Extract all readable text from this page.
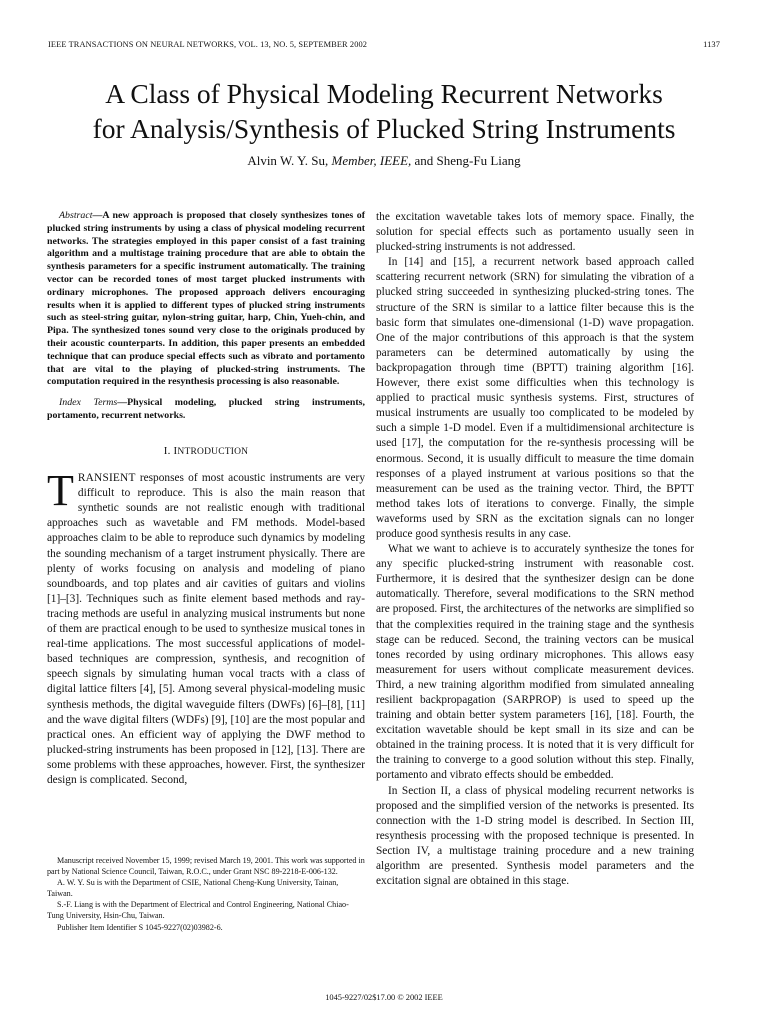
IEEE TRANSACTIONS ON NEURAL NETWORKS, VOL. 13, NO. 5, SEPTEMBER 2002	1137
A Class of Physical Modeling Recurrent Networks
for Analysis/Synthesis of Plucked String Instruments
Alvin W. Y. Su, Member, IEEE, and Sheng-Fu Liang

Abstract—A new approach is proposed that closely synthesizes tones of plucked string instruments by using a class of physical modeling recurrent networks. The strategies employed in this paper consist of a fast training algorithm and a multistage training procedure that are able to obtain the synthesis parameters for a specific instrument automatically. The training vector can be recorded tones of most target plucked instruments with ordinary microphones. The proposed approach delivers encouraging results when it is applied to different types of plucked string instruments such as steel-string guitar, nylon-string guitar, harp, Chin, Yueh-chin, and Pipa. The synthesized tones sound very close to the originals produced by their acoustic counterparts. In addition, this paper presents an embedded technique that can produce special effects such as vibrato and portamento that are vital to the playing of plucked-string instruments. The computation required in the resynthesis processing is also reasonable.

Index Terms—Physical modeling, plucked string instruments, portamento, recurrent networks.

I. INTRODUCTION

TRANSIENT responses of most acoustic instruments are very difficult to reproduce. This is also the main reason that synthetic sounds are not realistic enough with traditional approaches such as wavetable and FM methods. Model-based approaches claim to be able to reproduce such dynamics by modeling the sounding mechanism of a target instrument physically. There are plenty of works focusing on analysis and modeling of piano soundboards, and top plates and air cavities of guitars and violins [1]–[3]. Techniques such as finite element based methods and ray-tracing methods are useful in analyzing musical instruments but none of them are practical enough to be used to synthesize musical tones in real-time applications. The most successful applications of model-based techniques are compression, synthesis, and recognition of speech signals by simulating human vocal tracts with a class of digital lattice filters [4], [5]. Among several physical-modeling music synthesis methods, the digital waveguide filters (DWFs) [6]–[8], [11] and the wave digital filters (WDFs) [9], [10] are the most popular and practical ones. An efficient way of applying the DWF method to plucked-string instruments has been proposed in [12], [13]. There are some problems with these approaches, however. First, the synthesizer design is complicated. Second,

Manuscript received November 15, 1999; revised March 19, 2001. This work was supported in part by National Science Council, Taiwan, R.O.C., under Grant NSC 89-2218-E-006-132.

A. W. Y. Su is with the Department of CSIE, National Cheng-Kung University, Tainan, Taiwan.

S.-F. Liang is with the Department of Electrical and Control Engineering, National Chiao-Tung University, Hsin-Chu, Taiwan.

Publisher Item Identifier S 1045-9227(02)03982-6.

the excitation wavetable takes lots of memory space. Finally, the solution for special effects such as portamento usually seen in plucked-string instruments is not addressed.

In [14] and [15], a recurrent network based approach called scattering recurrent network (SRN) for simulating the vibration of a plucked string succeeded in synthesizing plucked-string tones. The structure of the SRN is similar to a lattice filter because this is the basic form that simulates one-dimensional (1-D) wave propagation. One of the major contributions of this approach is that the system parameters can be determined automatically by using the backpropagation through time (BPTT) training algorithm [16]. However, there exist some difficulties when this technology is applied to practical music synthesis systems. First, structures of musical instruments are usually too complicated to be modeled by such a simple 1-D model. Even if a multidimensional architecture is used [17], the computation for the re-synthesis processing will be enormous. Second, it is usually difficult to measure the time domain responses of a played instrument at various positions so that the measurement can be used as the training vector. Third, the BPTT method takes lots of iterations to converge. Finally, the simple waveforms used by SRN as the excitation signals can no longer produce good synthesis results in any case.

What we want to achieve is to accurately synthesize the tones for any specific plucked-string instrument with reasonable cost. Furthermore, it is desired that the synthesizer design can be done automatically. Therefore, several modifications to the SRN method are proposed. First, the architectures of the networks are simplified so that the complexities required in the training stage and the synthesis stage can be reduced. Second, the training vectors can be musical tones recorded by using ordinary microphones. This allows easy measurement for users without complicate measurement devices. Third, a new training algorithm modified from simulated annealing resilient backpropagation (SARPROP) is used to speed up the training and obtain better system parameters [16], [18]. Fourth, the excitation wavetable should be kept small in its size and can be obtained in the training process. It is noted that it is very difficult for the training to converge to a good solution without this step. Finally, portamento and vibrato effects should be embedded.

In Section II, a class of physical modeling recurrent networks is proposed and the simplified version of the networks is presented. Its connection with the 1-D string model is described. In Section III, resynthesis processing with the proposed technique is presented. In Section IV, a multistage training procedure and a new training algorithm are presented. Synthesis model parameters and the excitation signal are obtained in this stage.

1045-9227/02$17.00 © 2002 IEEE
